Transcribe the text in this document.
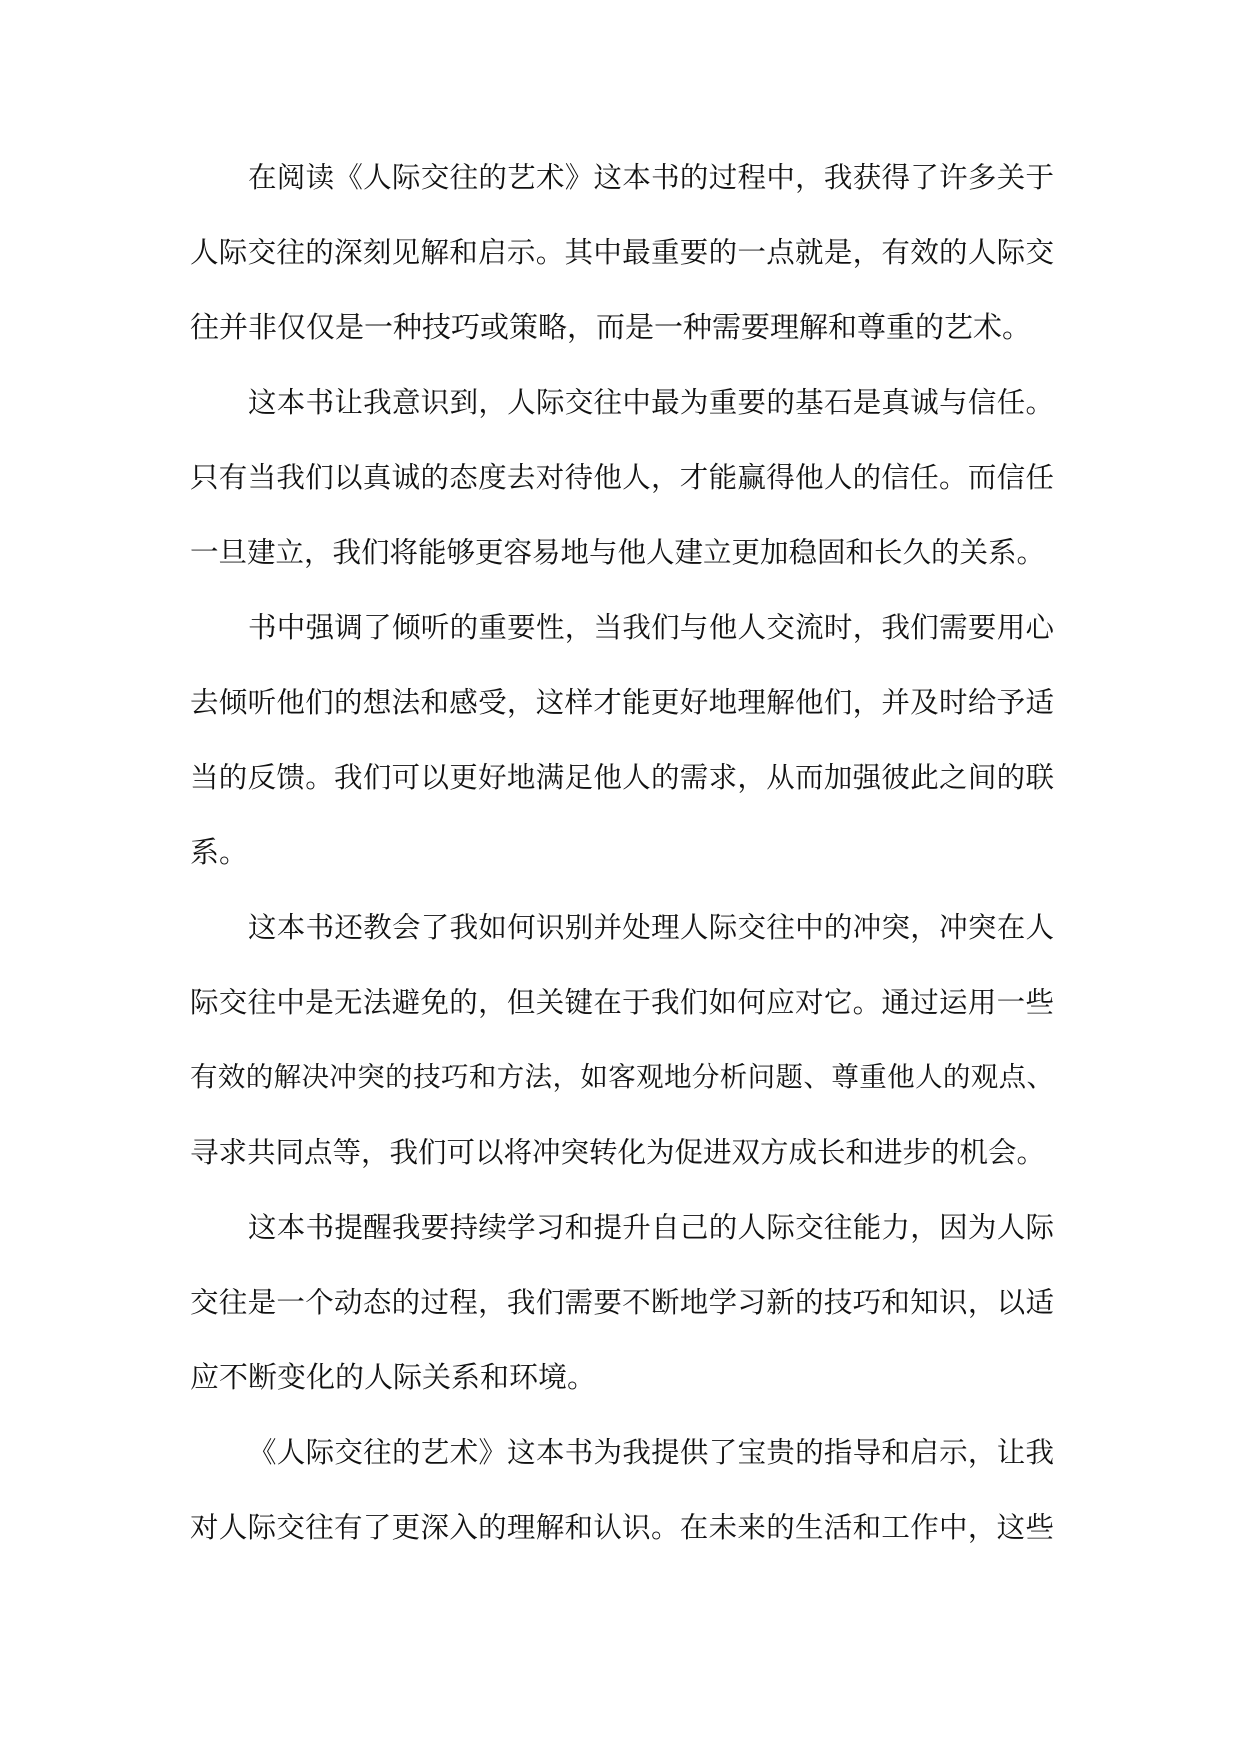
在阅读《人际交往的艺术》这本书的过程中，我获得了许多关于
人际交往的深刻见解和启示。其中最重要的一点就是，有效的人际交
往并非仅仅是一种技巧或策略，而是一种需要理解和尊重的艺术。
这本书让我意识到，人际交往中最为重要的基石是真诚与信任。
只有当我们以真诚的态度去对待他人，才能赢得他人的信任。而信任
一旦建立，我们将能够更容易地与他人建立更加稳固和长久的关系。
书中强调了倾听的重要性，当我们与他人交流时，我们需要用心
去倾听他们的想法和感受，这样才能更好地理解他们，并及时给予适
当的反馈。我们可以更好地满足他人的需求，从而加强彼此之间的联
系。
这本书还教会了我如何识别并处理人际交往中的冲突，冲突在人
际交往中是无法避免的，但关键在于我们如何应对它。通过运用一些
有效的解决冲突的技巧和方法，如客观地分析问题、尊重他人的观点、
寻求共同点等，我们可以将冲突转化为促进双方成长和进步的机会。
这本书提醒我要持续学习和提升自己的人际交往能力，因为人际
交往是一个动态的过程，我们需要不断地学习新的技巧和知识，以适
应不断变化的人际关系和环境。
《人际交往的艺术》这本书为我提供了宝贵的指导和启示，让我
对人际交往有了更深入的理解和认识。在未来的生活和工作中，这些
